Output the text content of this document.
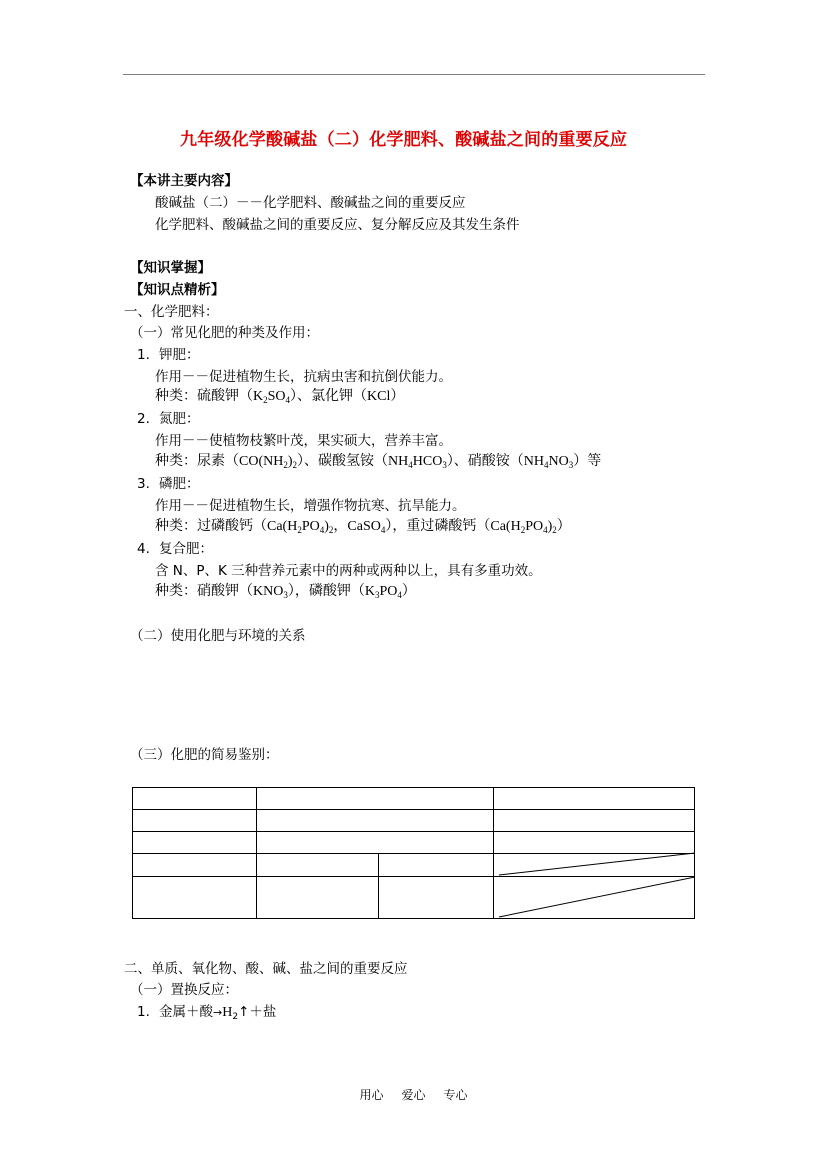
九年级化学酸碱盐（二）化学肥料、酸碱盐之间的重要反应
【本讲主要内容】
酸碱盐（二）－－化学肥料、酸碱盐之间的重要反应
化学肥料、酸碱盐之间的重要反应、复分解反应及其发生条件
【知识掌握】
【知识点精析】
一、化学肥料：
（一）常见化肥的种类及作用：
1. 钾肥：
作用－－促进植物生长，抗病虫害和抗倒伏能力。
种类：硫酸钾$(K_2SO_4)$、氯化钾（KCl）
2. 氮肥：
作用－－使植物枝繁叶茂，果实硕大，营养丰富。
种类：尿素$(CO(NH_2)_2)$、碳酸氢铵$(NH_4HCO_3)$、硝酸铵$(NH_4NO_3)$等
3. 磷肥：
作用－－促进植物生长，增强作物抗寒、抗旱能力。
种类：过磷酸钙（$Ca(H_2PO_4)_2$，CaSO$_4$），重过磷酸钙$(Ca(H_2PO_4)_2)$
4. 复合肥：
含 N、P、K 三种营养元素中的两种或两种以上，具有多重功效。
种类：硝酸钾$(KNO_3)$，磷酸钾$(K_3PO_4)$
（二）使用化肥与环境的关系
（三）化肥的简易鉴别：
二、单质、氧化物、酸、碱、盐之间的重要反应
（一）置换反应：
1. 金属＋酸$\to H_2↑+$盐
用心 爱心 专心
